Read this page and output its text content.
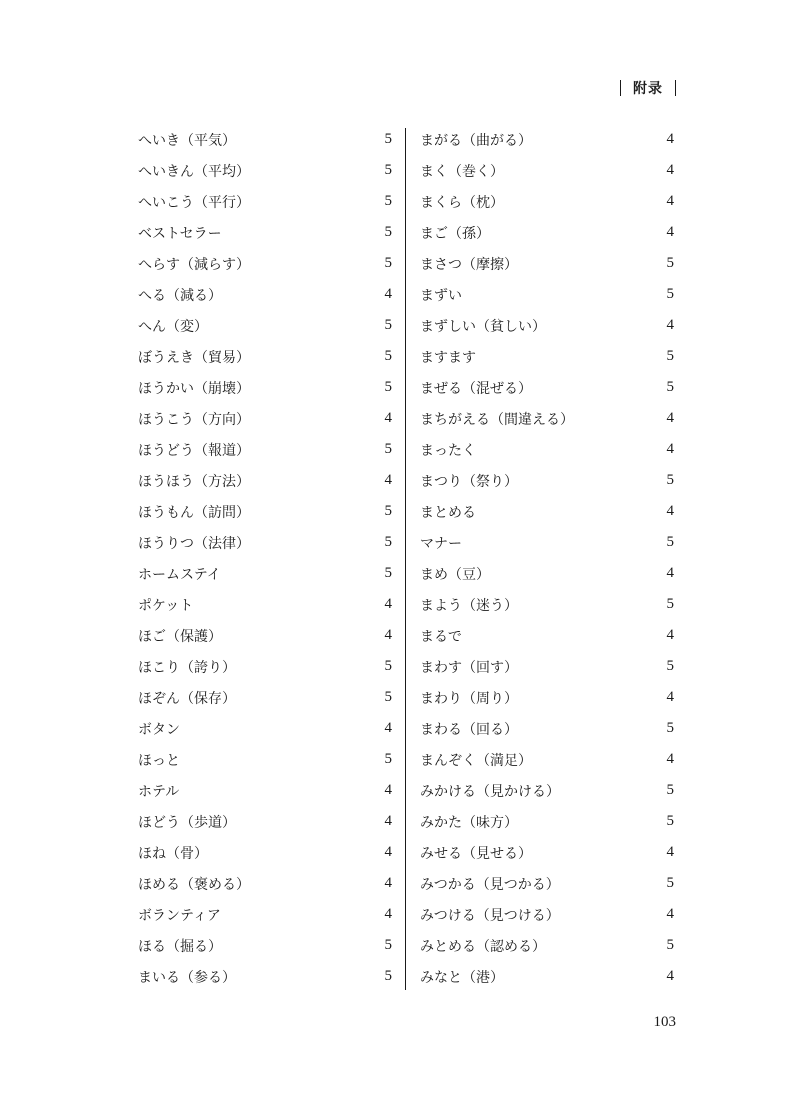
附录
へいき（平気）	5
へいきん（平均）	5
へいこう（平行）	5
ベストセラー	5
へらす（減らす）	5
へる（減る）	4
へん（変）	5
ぼうえき（貿易）	5
ほうかい（崩壊）	5
ほうこう（方向）	4
ほうどう（報道）	5
ほうほう（方法）	4
ほうもん（訪問）	5
ほうりつ（法律）	5
ホームステイ	5
ポケット	4
ほご（保護）	4
ほこり（誇り）	5
ほぞん（保存）	5
ボタン	4
ほっと	5
ホテル	4
ほどう（歩道）	4
ほね（骨）	4
ほめる（褒める）	4
ボランティア	4
ほる（掘る）	5
まいる（参る）	5
まがる（曲がる）	4
まく（巻く）	4
まくら（枕）	4
まご（孫）	4
まさつ（摩擦）	5
まずい	5
まずしい（貧しい）	4
ますます	5
まぜる（混ぜる）	5
まちがえる（間違える）	4
まったく	4
まつり（祭り）	5
まとめる	4
マナー	5
まめ（豆）	4
まよう（迷う）	5
まるで	4
まわす（回す）	5
まわり（周り）	4
まわる（回る）	5
まんぞく（満足）	4
みかける（見かける）	5
みかた（味方）	5
みせる（見せる）	4
みつかる（見つかる）	5
みつける（見つける）	4
みとめる（認める）	5
みなと（港）	4
103
